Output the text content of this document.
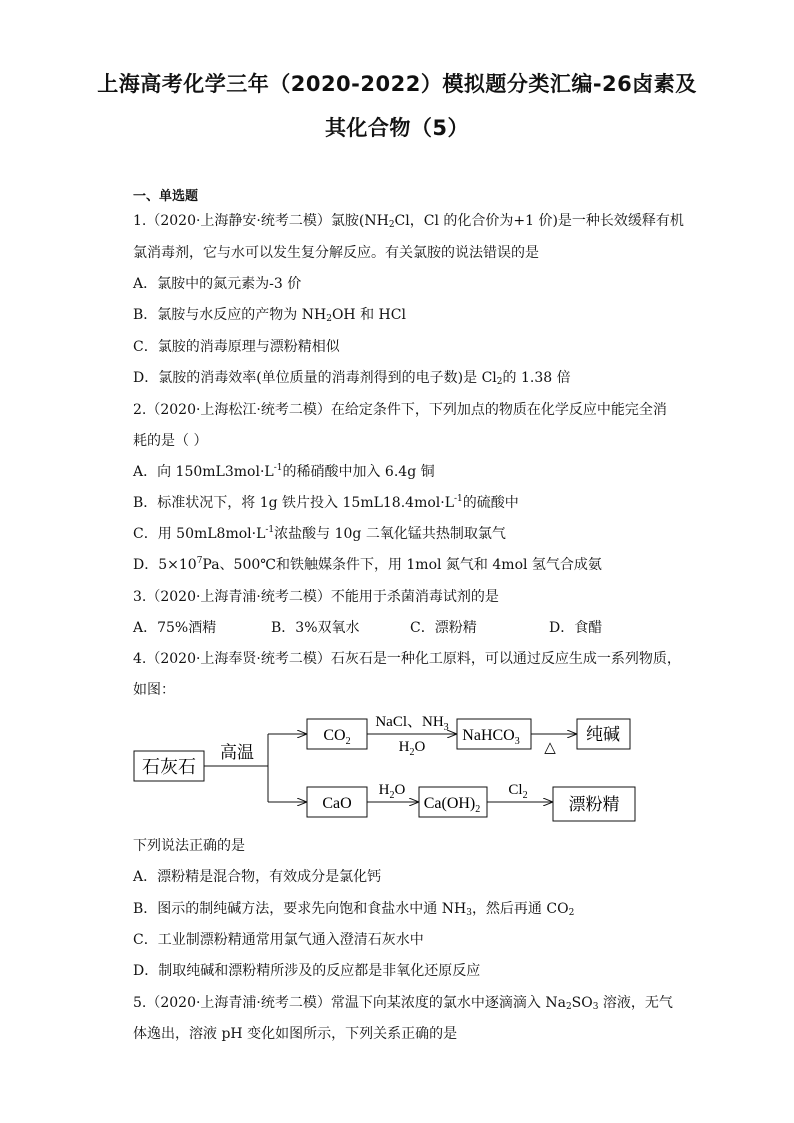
上海高考化学三年（2020-2022）模拟题分类汇编-26卤素及
其化合物（5）
一、单选题
1.（2020·上海静安·统考二模）氯胺($NH_2Cl$，Cl 的化合价为+1 价)是一种长效缓释有机
氯消毒剂，它与水可以发生复分解反应。有关氯胺的说法错误的是
A．氯胺中的氮元素为-3 价
B．氯胺与水反应的产物为 $NH_2OH$ 和 HCl
C．氯胺的消毒原理与漂粉精相似
D．氯胺的消毒效率(单位质量的消毒剂得到的电子数)是 $Cl_2$的 1.38 倍
2.（2020·上海松江·统考二模）在给定条件下，下列加点的物质在化学反应中能完全消
耗的是（ ）
A．向 $150mL3mol\cdot L^{-1}$的稀硝酸中加入 6.4g 铜
B．标准状况下，将 1g 铁片投入 $15mL18.4mol\cdot L^{-1}$的硫酸中
C．用 $50mL8mol\cdot L^{-1}$浓盐酸与 10g 二氧化锰共热制取氯气
D．$5\times 10^7Pa$、500℃和铁触媒条件下，用 1mol 氮气和 4mol 氢气合成氨
3.（2020·上海青浦·统考二模）不能用于杀菌消毒试剂的是
A．75%酒精	B．3%双氧水	C．漂粉精	D．食醋
4.（2020·上海奉贤·统考二模）石灰石是一种化工原料，可以通过反应生成一系列物质，
如图：
石灰石
高温
$CO_2$
NaCl、$NH_3$
$H_2O$
NaHCO$_3$ △
纯碱
CaO
$H_2O$
$Ca(OH)_2$
$Cl_2$ 漂粉精
下列说法正确的是
A．漂粉精是混合物，有效成分是氯化钙
B．图示的制纯碱方法，要求先向饱和食盐水中通 $NH_3$，然后再通 $CO_2$
C．工业制漂粉精通常用氯气通入澄清石灰水中
D．制取纯碱和漂粉精所涉及的反应都是非氧化还原反应
5.（2020·上海青浦·统考二模）常温下向某浓度的氯水中逐滴滴入 $Na_2SO_3$ 溶液，无气
体逸出，溶液 pH 变化如图所示，下列关系正确的是
